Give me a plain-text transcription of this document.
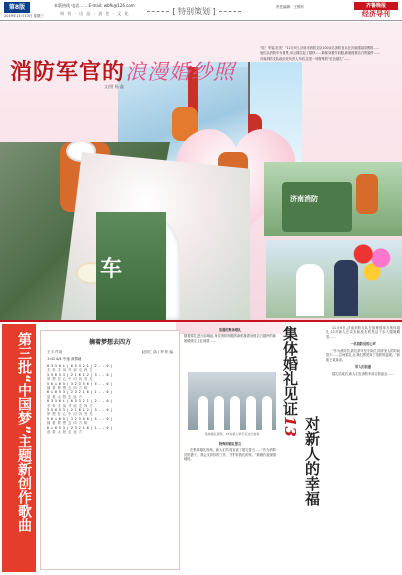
第8版
2019年11月13日 星期三
本版热线 电话…… E-mail: wbfk@126.com
周 刊 · 出 品 · 责 任 · 文 化	[ 特别策划 ]	责任编辑：王锡东	齐鲁晚报
经济导刊
车
济南消防
消防军官的浪漫婚纱照
文/图 杨 鑫

“哇！军装,好美！”11月5日,济南市消防支队100余名消防官兵在济南国际园博园……

他们以消防车为背景,用云梯拉起了婚纱……新郎身着作训服,新娘披着洁白的婚纱……

济南消防支队政治处负责人介绍,这是一场特殊的“红色婚礼”……

第三批“中国梦”主题新创作歌曲	摘着梦想去四方
王平 作词	赵国仁 曲 / 李 松 编
1=D 4/4 中速 深情地
0 3 5 6 i | 6 5 3 2 1 | 2 - - 0 |
手 牵 手 肩 并 肩 走 四 方
3 5 6 5 3 | 2 1 6 1 2 | 3 - - 0 |
梦 想 在 心 中 闪 闪 发 光
5 6 i 6 5 | 3 2 3 5 6 | 5 - - 0 |
摘 着 梦 想 去 四 方 哟
6 i 6 5 3 | 2 3 2 1 6 | 1 - - 0 |
追 着 太 阳 去 远 方
0 3 5 6 i | 6 5 3 2 1 | 2 - - 0 |
手 牵 手 肩 并 肩 走 四 方
3 5 6 5 3 | 2 1 6 1 2 | 3 - - 0 |
梦 想 在 心 中 闪 闪 发 光
5 6 i 6 5 | 3 2 3 5 6 | 5 - - 0 |
摘 着 梦 想 去 四 方 哟
6 i 6 5 3 | 2 3 2 1 6 | 1 - - 0 |
追 着 太 阳 去 远 方
浪漫的集体婚礼
随着婚礼进行曲响起,身穿消防制服的新郎挽着身披洁白婚纱的新娘缓缓走上红地毯……
集体婚礼现场，13对新人牵手走过红地毯
特殊的婚礼誓言

在集体婚礼现场，新人们共同宣读了婚礼誓言……“作为消防员的妻子，我会支持你的工作，守护好我们的家。”新娘代表深情地说。

集体婚礼见证13 对新人的幸福

11月6日,济南消防支队在园博园举办集体婚礼,13对新人在亲友和战友的见证下步入婚姻殿堂……

一名消防员的心声

“作为消防员,我们常年坚守岗位,陪伴家人的时间很少……这场婚礼,让我们感受到了组织的温暖。”新郎王某某说。

军人的浪漫

婚礼结束后,新人们在消防车前合影留念……
